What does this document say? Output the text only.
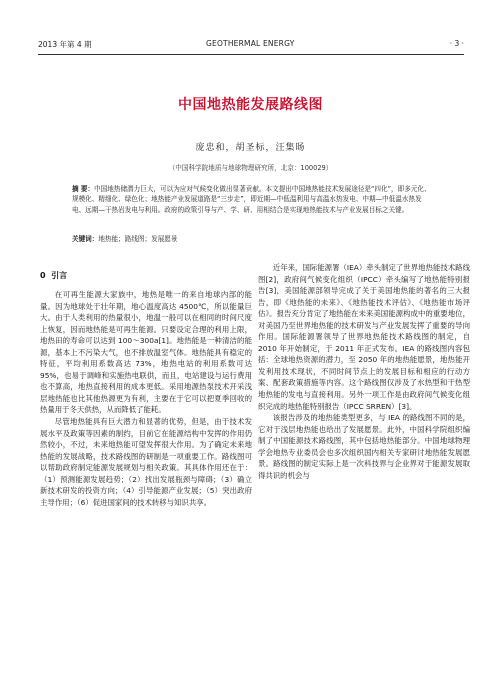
2013 年第 4 期	GEOTHERMAL ENERGY	· 3 ·
中国地热能发展路线图
庞忠和，胡圣标，汪集旸
（中国科学院地质与地球物理研究所，北京：100029）
摘 要：中国地热储潜力巨大，可以为应对气候变化做出显著贡献。本文提出中国地热能技术发展途径是“四化”，即多元化、规模化、精细化、绿色化；地热能产业发展道路是“三步走”，即近期—中低温利用与高温水热发电、中期—中低温水热发电、远期—干热岩发电与利用。政府的政策引导与产、学、研、用相结合是实现地热能技术与产业发展目标之关键。
关键词：地热能；路线图；发展愿景
0 引言

在可再生能源大家族中，地热是唯一的来自地球内部的能量。因为地球处于壮年期，地心温度高达 4500℃，所以能量巨大。由于人类利用的热量很小，地温一般可以在相同的时间尺度上恢复，因而地热能是可再生能源。只要设定合理的利用上限，地热田的寿命可以达到 100～300a[1]。地热能是一种清洁的能源，基本上不污染大气，也不排放温室气体。地热能具有稳定的特征，平均利用系数高达 73%，地热电站的利用系数可达 95%，也易于调峰和实施热电联供，而且，电站建设与运行费用也不算高，地热直接利用的成本更低。采用地源热泵技术开采浅层地热能也比其他热源更为有利，主要在于它可以把夏季回收的热量用于冬天供热，从而降低了能耗。

尽管地热能具有巨大潜力和显著的优势，但是，由于技术发展水平及政策等因素的制约，目前它在能源结构中发挥的作用仍然较小，不过，未来地热能可望发挥很大作用。为了确定未来地热能的发展战略，技术路线图的研制是一项重要工作。路线图可以帮助政府制定能源发展规划与相关政策。其具体作用还在于：（1）预测能源发展趋势；（2）找出发展瓶颈与障碍；（3）确立新技术研发的投资方向；（4）引导能源产业发展；（5）突出政府主导作用；（6）促进国家间的技术转移与知识共享。

近年来，国际能源署（IEA）牵头制定了世界地热能技术路线图[2]，政府间气候变化组织（IPCC）牵头编写了地热能特别报告[3]，美国能源部领导完成了关于美国地热能的著名的三大报告，即《地热能的未来》、《地热能技术评估》、《地热能市场评估》。报告充分肯定了地热能在未来美国能源构成中的重要地位，对美国乃至世界地热能的技术研发与产业发展发挥了重要的导向作用。国际能源署领导了世界地热能技术路线图的制定，自 2010 年开始制定，于 2011 年正式发布。IEA 的路线图内容包括：全球地热资源的潜力，至 2050 年的地热能愿景，地热能开发利用技术现状，不同时间节点上的发展目标和相应的行动方案、配套政策措施等内容。这个路线图仅涉及了水热型和干热型地热能的发电与直接利用。另外一项工作是由政府间气候变化组织完成的地热能特别报告（IPCC SRREN）[3]。

该报告涉及的地热能类型更多，与 IEA 的路线图不同的是，它对于浅层地热能也给出了发展愿景。此外，中国科学院组织编制了中国能源技术路线图，其中包括地热能部分。中国地球物理学会地热专业委员会也多次组织国内相关专家研讨地热能发展愿景。路线图的制定实际上是一次科技界与企业界对于能源发展取得共识的机会与
